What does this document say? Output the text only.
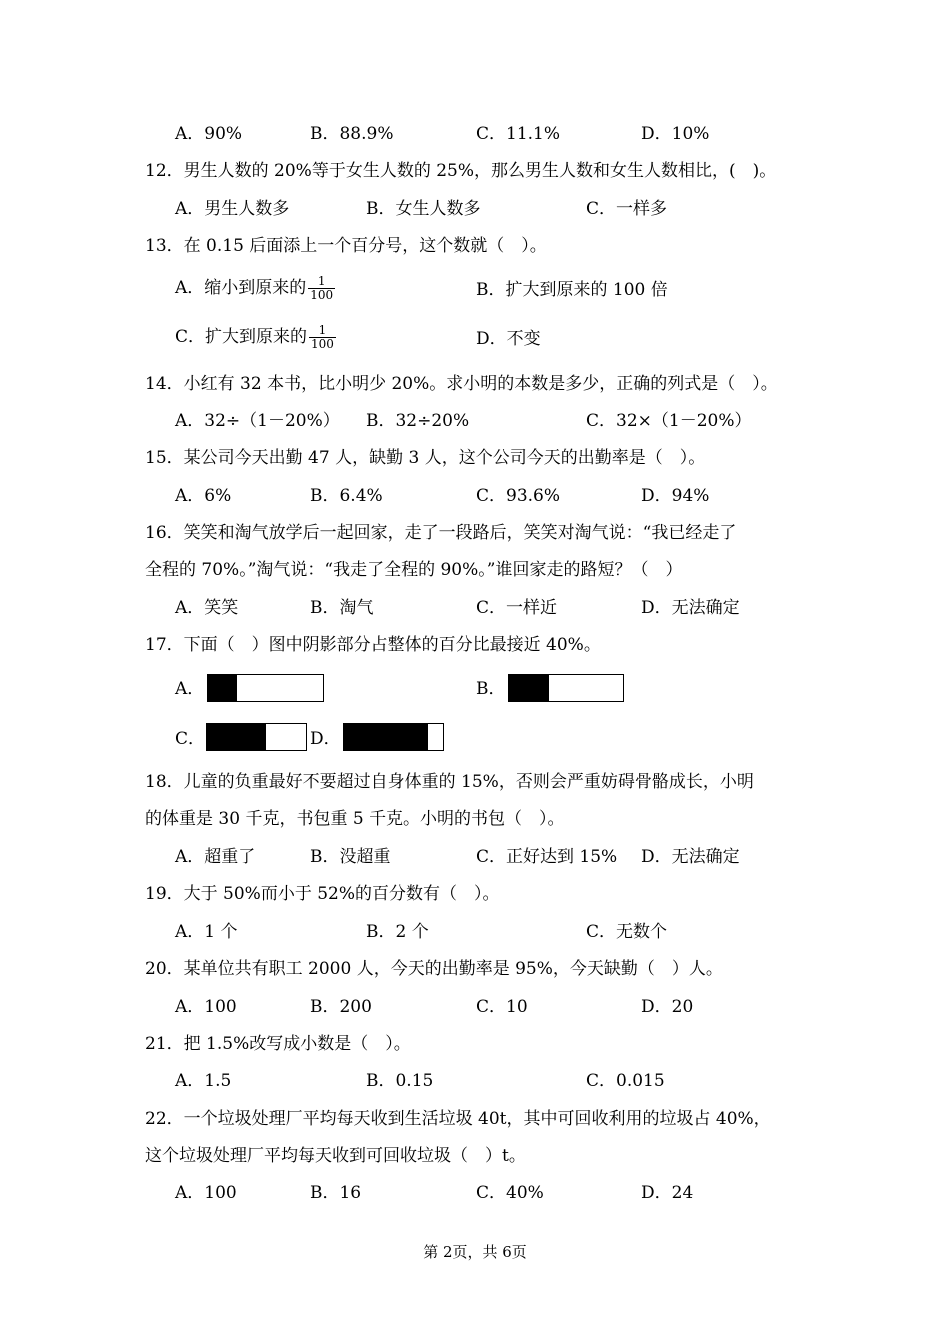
A．90%	B．88.9%	C．11.1%	D．10%
12．男生人数的 20%等于女生人数的 25%，那么男生人数和女生人数相比，(　)。
A．男生人数多	B．女生人数多	C．一样多
13．在 0.15 后面添上一个百分号，这个数就（　）。
A．缩小到原来的 $\frac{1}{100}$	B．扩大到原来的 100 倍
C．扩大到原来的 $\frac{1}{100}$	D．不变
14．小红有 32 本书，比小明少 20%。求小明的本数是多少，正确的列式是（　）。
A．32÷（1－20%） B．32÷20%	C．32×（1－20%）
15．某公司今天出勤 47 人，缺勤 3 人，这个公司今天的出勤率是（　）。
A．6%	B．6.4%	C．93.6%	D．94%
16．笑笑和淘气放学后一起回家，走了一段路后，笑笑对淘气说：“我已经走了
全程的 70%。”淘气说：“我走了全程的 90%。”谁回家走的路短？（　）
A．笑笑	B．淘气	C．一样近	D．无法确定
17．下面（　）图中阴影部分占整体的百分比最接近 40%。
A．	B．
C．	D．
18．儿童的负重最好不要超过自身体重的 15%，否则会严重妨碍骨骼成长，小明
的体重是 30 千克，书包重 5 千克。小明的书包（　）。
A．超重了	B．没超重	C．正好达到 15% D．无法确定
19．大于 50%而小于 52%的百分数有（　）。
A．1 个	B．2 个	C．无数个
20．某单位共有职工 2000 人，今天的出勤率是 95%，今天缺勤（　）人。
A．100	B．200	C．10	D．20
21．把 1.5%改写成小数是（　）。
A．1.5	B．0.15	C．0.015
22．一个垃圾处理厂平均每天收到生活垃圾 40t，其中可回收利用的垃圾占 40%，
这个垃圾处理厂平均每天收到可回收垃圾（　）t。
A．100	B．16	C．40%	D．24
第 2页，共 6页
